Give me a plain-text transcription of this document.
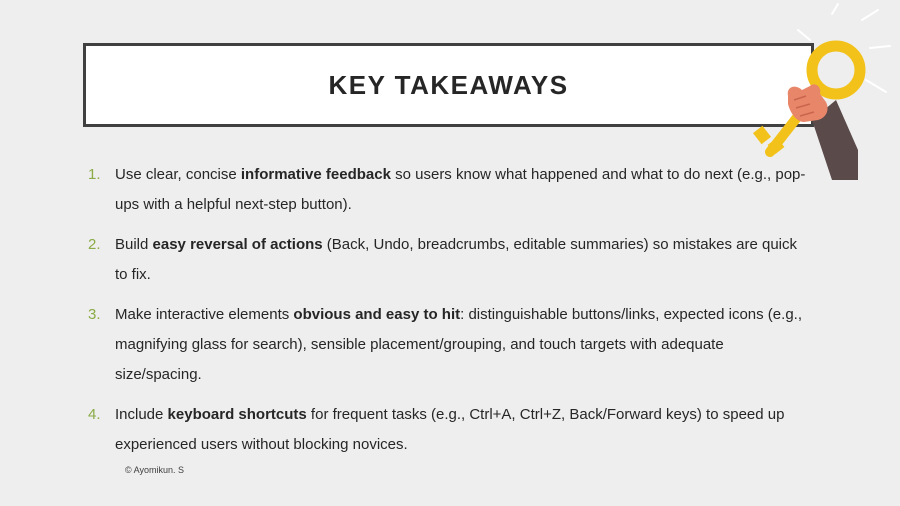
KEY TAKEAWAYS
1. Use clear, concise informative feedback so users know what happened and what to do next (e.g., pop-ups with a helpful next-step button).
2. Build easy reversal of actions (Back, Undo, breadcrumbs, editable summaries) so mistakes are quick to fix.
3. Make interactive elements obvious and easy to hit: distinguishable buttons/links, expected icons (e.g., magnifying glass for search), sensible placement/grouping, and touch targets with adequate size/spacing.
4. Include keyboard shortcuts for frequent tasks (e.g., Ctrl+A, Ctrl+Z, Back/Forward keys) to speed up experienced users without blocking novices.
© Ayomikun. S
